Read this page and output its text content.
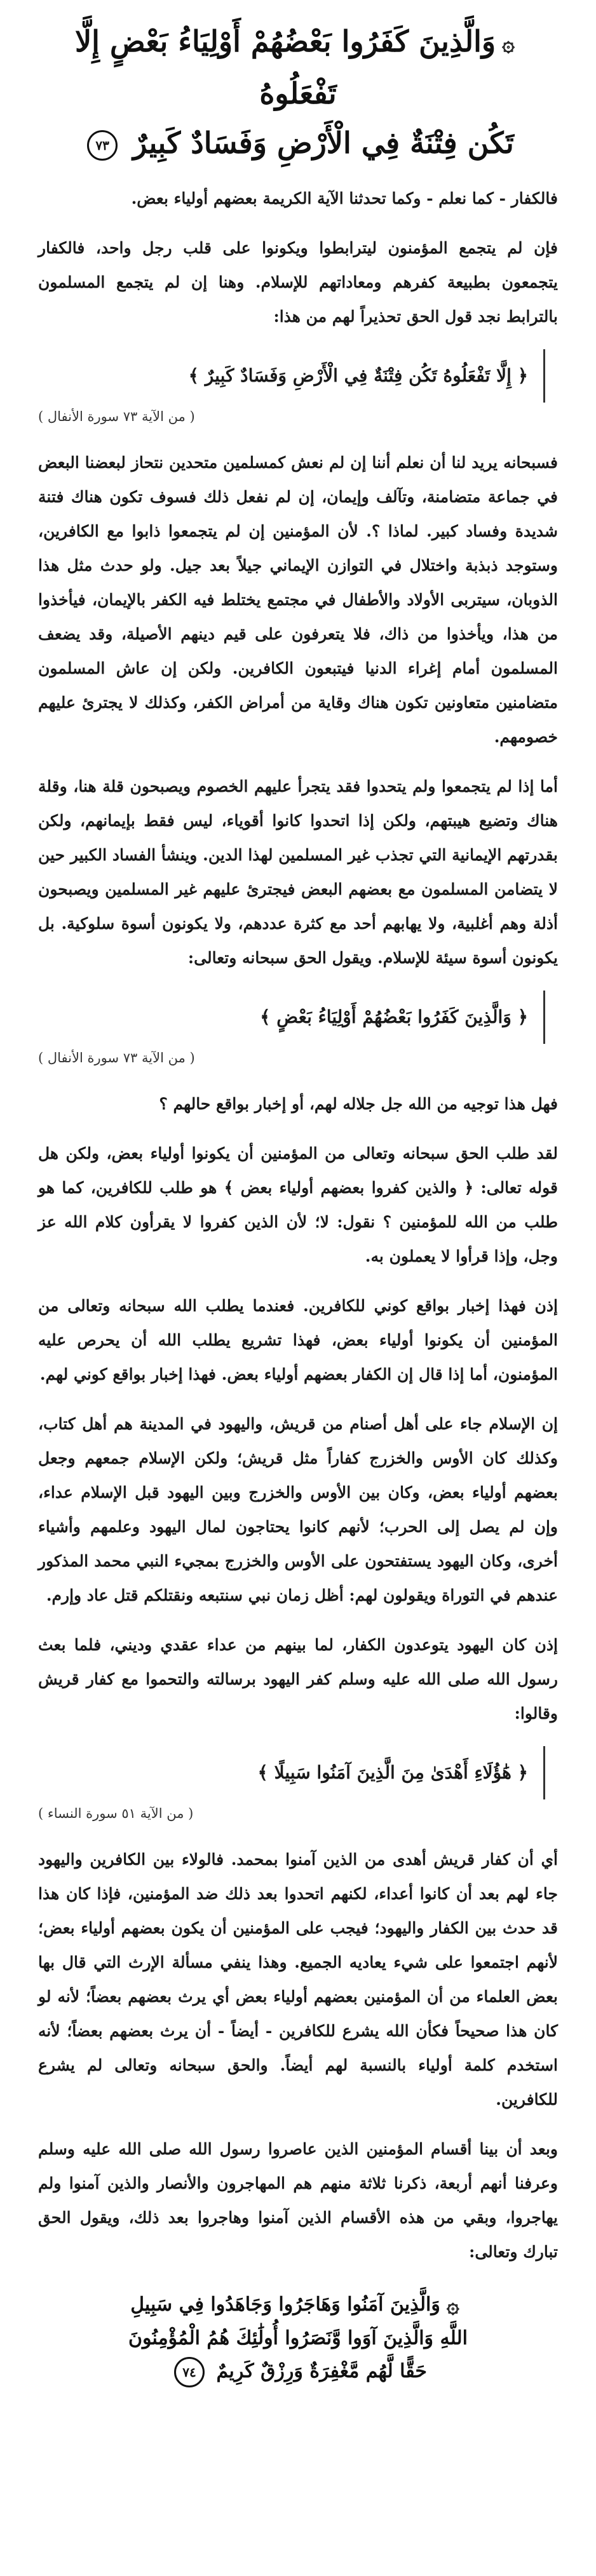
۞وَالَّذِينَ كَفَرُوا بَعْضُهُمْ أَوْلِيَاءُ بَعْضٍ إِلَّا تَفْعَلُوهُ
تَكُن فِتْنَةٌ فِي الْأَرْضِ وَفَسَادٌ كَبِيرٌ ٧٣

فالكفار - كما نعلم - وكما تحدثنا الآية الكريمة بعضهم أولياء بعض.

فإن لم يتجمع المؤمنون ليترابطوا ويكونوا على قلب رجل واحد، فالكفار يتجمعون بطبيعة كفرهم ومعاداتهم للإسلام. وهنا إن لم يتجمع المسلمون بالترابط نجد قول الحق تحذيراً لهم من هذا:

﴿ إِلَّا تَفْعَلُوهُ تَكُن فِتْنَةٌ فِي الْأَرْضِ وَفَسَادٌ كَبِيرٌ ﴾
( من الآية ٧٣ سورة الأنفال )

فسبحانه يريد لنا أن نعلم أننا إن لم نعش كمسلمين متحدين نتحاز لبعضنا البعض في جماعة متضامنة، وتآلف وإيمان، إن لم نفعل ذلك فسوف تكون هناك فتنة شديدة وفساد كبير. لماذا ؟. لأن المؤمنين إن لم يتجمعوا ذابوا مع الكافرين، وستوجد ذبذبة واختلال في التوازن الإيماني جيلاً بعد جيل. ولو حدث مثل هذا الذوبان، سيتربى الأولاد والأطفال في مجتمع يختلط فيه الكفر بالإيمان، فيأخذوا من هذا، ويأخذوا من ذاك، فلا يتعرفون على قيم دينهم الأصيلة، وقد يضعف المسلمون أمام إغراء الدنيا فيتبعون الكافرين. ولكن إن عاش المسلمون متضامنين متعاونين تكون هناك وقاية من أمراض الكفر، وكذلك لا يجترئ عليهم خصومهم.

أما إذا لم يتجمعوا ولم يتحدوا فقد يتجرأ عليهم الخصوم ويصبحون قلة هنا، وقلة هناك وتضيع هيبتهم، ولكن إذا اتحدوا كانوا أقوياء، ليس فقط بإيمانهم، ولكن بقدرتهم الإيمانية التي تجذب غير المسلمين لهذا الدين. وينشأ الفساد الكبير حين لا يتضامن المسلمون مع بعضهم البعض فيجترئ عليهم غير المسلمين ويصبحون أذلة وهم أغلبية، ولا يهابهم أحد مع كثرة عددهم، ولا يكونون أسوة سلوكية. بل يكونون أسوة سيئة للإسلام. ويقول الحق سبحانه وتعالى:

﴿ وَالَّذِينَ كَفَرُوا بَعْضُهُمْ أَوْلِيَاءُ بَعْضٍ ﴾
( من الآية ٧٣ سورة الأنفال )

فهل هذا توجيه من الله جل جلاله لهم، أو إخبار بواقع حالهم ؟

لقد طلب الحق سبحانه وتعالى من المؤمنين أن يكونوا أولياء بعض، ولكن هل قوله تعالى: ﴿ والذين كفروا بعضهم أولياء بعض ﴾ هو طلب للكافرين، كما هو طلب من الله للمؤمنين ؟ نقول: لا؛ لأن الذين كفروا لا يقرأون كلام الله عز وجل، وإذا قرأوا لا يعملون به.

إذن فهذا إخبار بواقع كوني للكافرين. فعندما يطلب الله سبحانه وتعالى من المؤمنين أن يكونوا أولياء بعض، فهذا تشريع يطلب الله أن يحرص عليه المؤمنون، أما إذا قال إن الكفار بعضهم أولياء بعض. فهذا إخبار بواقع كوني لهم.

إن الإسلام جاء على أهل أصنام من قريش، واليهود في المدينة هم أهل كتاب، وكذلك كان الأوس والخزرج كفاراً مثل قريش؛ ولكن الإسلام جمعهم وجعل بعضهم أولياء بعض، وكان بين الأوس والخزرج وبين اليهود قبل الإسلام عداء، وإن لم يصل إلى الحرب؛ لأنهم كانوا يحتاجون لمال اليهود وعلمهم وأشياء أخرى، وكان اليهود يستفتحون على الأوس والخزرج بمجيء النبي محمد المذكور عندهم في التوراة ويقولون لهم: أظل زمان نبي سنتبعه ونقتلكم قتل عاد وإرم.

إذن كان اليهود يتوعدون الكفار، لما بينهم من عداء عقدي وديني، فلما بعث رسول الله صلى الله عليه وسلم كفر اليهود برسالته والتحموا مع كفار قريش وقالوا:

﴿ هَٰؤُلَاءِ أَهْدَىٰ مِنَ الَّذِينَ آمَنُوا سَبِيلًا ﴾
( من الآية ٥١ سورة النساء )

أي أن كفار قريش أهدى من الذين آمنوا بمحمد. فالولاء بين الكافرين واليهود جاء لهم بعد أن كانوا أعداء، لكنهم اتحدوا بعد ذلك ضد المؤمنين، فإذا كان هذا قد حدث بين الكفار واليهود؛ فيجب على المؤمنين أن يكون بعضهم أولياء بعض؛ لأنهم اجتمعوا على شيء يعاديه الجميع. وهذا ينفي مسألة الإرث التي قال بها بعض العلماء من أن المؤمنين بعضهم أولياء بعض أي يرث بعضهم بعضاً؛ لأنه لو كان هذا صحيحاً فكأن الله يشرع للكافرين - أيضاً - أن يرث بعضهم بعضاً؛ لأنه استخدم كلمة أولياء بالنسبة لهم أيضاً. والحق سبحانه وتعالى لم يشرع للكافرين.

وبعد أن بينا أقسام المؤمنين الذين عاصروا رسول الله صلى الله عليه وسلم وعرفنا أنهم أربعة، ذكرنا ثلاثة منهم هم المهاجرون والأنصار والذين آمنوا ولم يهاجروا، وبقي من هذه الأقسام الذين آمنوا وهاجروا بعد ذلك، ويقول الحق تبارك وتعالى:

۞وَالَّذِينَ آمَنُوا وَهَاجَرُوا وَجَاهَدُوا فِي سَبِيلِ
اللَّهِ وَالَّذِينَ آوَوا وَّنَصَرُوا أُولَٰئِكَ هُمُ الْمُؤْمِنُونَ
حَقًّا لَّهُم مَّغْفِرَةٌ وَرِزْقٌ كَرِيمٌ ٧٤
